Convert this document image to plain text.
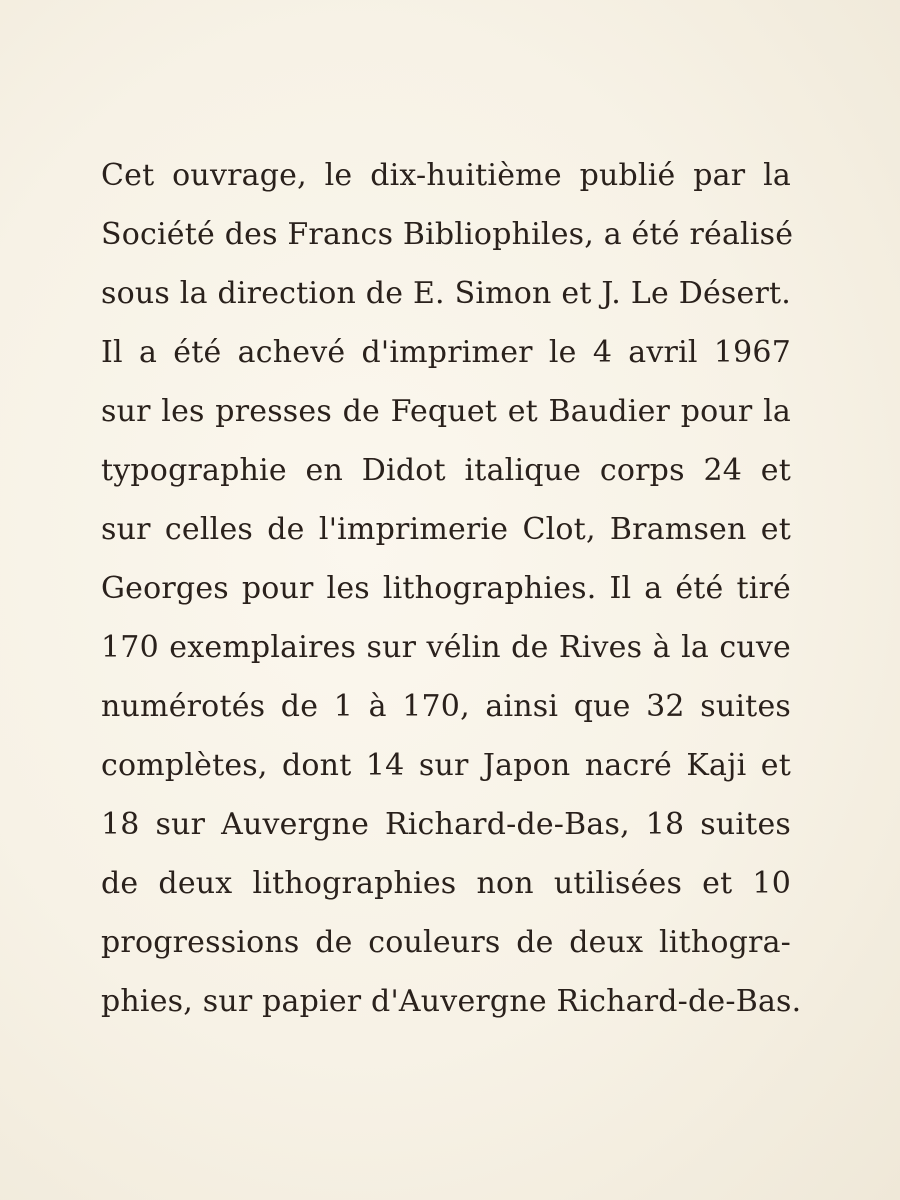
Cet ouvrage, le dix-huitième publié par la
Société des Francs Bibliophiles, a été réalisé
sous la direction de E. Simon et J. Le Désert.
Il a été achevé d'imprimer le 4 avril 1967
sur les presses de Fequet et Baudier pour la
typographie en Didot italique corps 24 et
sur celles de l'imprimerie Clot, Bramsen et
Georges pour les lithographies. Il a été tiré
170 exemplaires sur vélin de Rives à la cuve
numérotés de 1 à 170, ainsi que 32 suites
complètes, dont 14 sur Japon nacré Kaji et
18 sur Auvergne Richard-de-Bas, 18 suites
de deux lithographies non utilisées et 10
progressions de couleurs de deux lithogra-
phies, sur papier d'Auvergne Richard-de-Bas.
